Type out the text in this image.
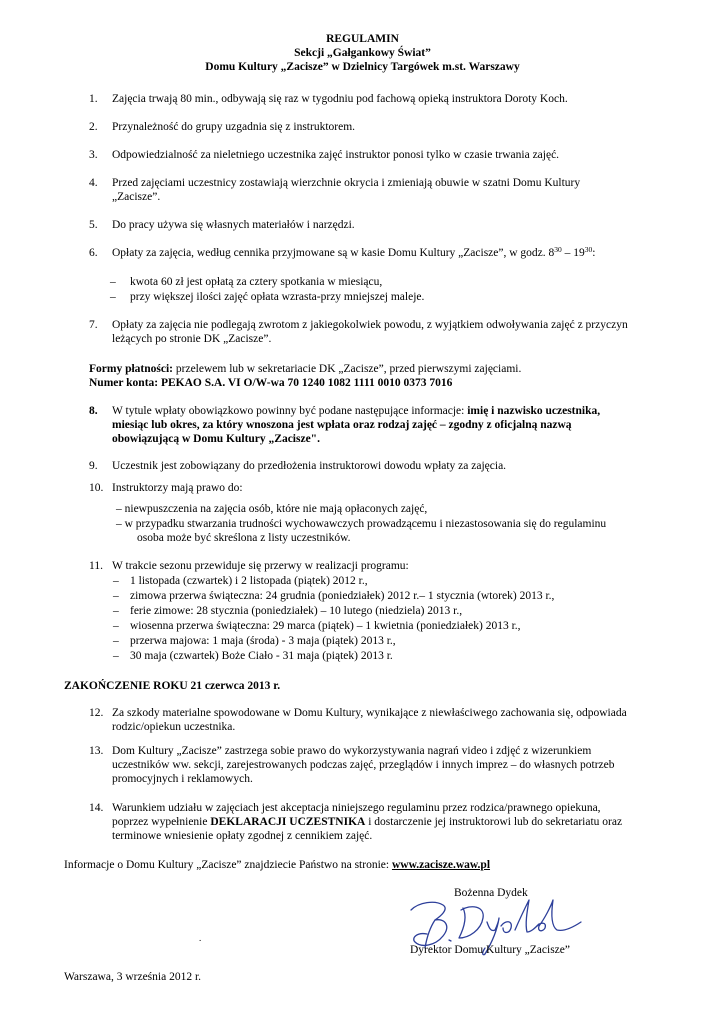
REGULAMIN
Sekcji „Gałgankowy Świat”
Domu Kultury „Zacisze” w Dzielnicy Targówek m.st. Warszawy
1. Zajęcia trwają 80 min., odbywają się raz w tygodniu pod fachową opieką instruktora Doroty Koch.
2. Przynależność do grupy uzgadnia się z instruktorem.
3. Odpowiedzialność za nieletniego uczestnika zajęć instruktor ponosi tylko w czasie trwania zajęć.
4. Przed zajęciami uczestnicy zostawiają wierzchnie okrycia i zmieniają obuwie w szatni Domu Kultury
„Zacisze”.
5. Do pracy używa się własnych materiałów i narzędzi.
6. Opłaty za zajęcia, według cennika przyjmowane są w kasie Domu Kultury „Zacisze”, w godz. $8^{30} - 19^{30}$:
– kwota 60 zł jest opłatą za cztery spotkania w miesiącu,
– przy większej ilości zajęć opłata wzrasta-przy mniejszej maleje.
7. Opłaty za zajęcia nie podlegają zwrotom z jakiegokolwiek powodu, z wyjątkiem odwoływania zajęć z przyczyn
leżących po stronie DK „Zacisze”.
Formy płatności: przelewem lub w sekretariacie DK „Zacisze”, przed pierwszymi zajęciami.
Numer konta: PEKAO S.A. VI O/W-wa 70 1240 1082 1111 0010 0373 7016
8. W tytule wpłaty obowiązkowo powinny być podane następujące informacje: imię i nazwisko uczestnika,
miesiąc lub okres, za który wnoszona jest wpłata oraz rodzaj zajęć – zgodny z oficjalną nazwą
obowiązującą w Domu Kultury „Zacisze".
9. Uczestnik jest zobowiązany do przedłożenia instruktorowi dowodu wpłaty za zajęcia.
10. Instruktorzy mają prawo do:
– niewpuszczenia na zajęcia osób, które nie mają opłaconych zajęć,
– w przypadku stwarzania trudności wychowawczych prowadzącemu i niezastosowania się do regulaminu
osoba może być skreślona z listy uczestników.
11. W trakcie sezonu przewiduje się przerwy w realizacji programu:
– 1 listopada (czwartek) i 2 listopada (piątek) 2012 r.,
– zimowa przerwa świąteczna: 24 grudnia (poniedziałek) 2012 r.– 1 stycznia (wtorek) 2013 r.,
– ferie zimowe: 28 stycznia (poniedziałek) – 10 lutego (niedziela) 2013 r.,
– wiosenna przerwa świąteczna: 29 marca (piątek) – 1 kwietnia (poniedziałek) 2013 r.,
– przerwa majowa: 1 maja (środa) - 3 maja (piątek) 2013 r.,
– 30 maja (czwartek) Boże Ciało - 31 maja (piątek) 2013 r.
ZAKOŃCZENIE ROKU 21 czerwca 2013 r.
12. Za szkody materialne spowodowane w Domu Kultury, wynikające z niewłaściwego zachowania się, odpowiada
rodzic/opiekun uczestnika.
13. Dom Kultury „Zacisze” zastrzega sobie prawo do wykorzystywania nagrań video i zdjęć z wizerunkiem
uczestników ww. sekcji, zarejestrowanych podczas zajęć, przeglądów i innych imprez – do własnych potrzeb
promocyjnych i reklamowych.
14. Warunkiem udziału w zajęciach jest akceptacja niniejszego regulaminu przez rodzica/prawnego opiekuna,
poprzez wypełnienie DEKLARACJI UCZESTNIKA i dostarczenie jej instruktorowi lub do sekretariatu oraz
terminowe wniesienie opłaty zgodnej z cennikiem zajęć.
Informacje o Domu Kultury „Zacisze” znajdziecie Państwo na stronie: www.zacisze.waw.pl
Bożenna Dydek
Dyrektor Domu Kultury „Zacisze”
.
Warszawa, 3 września 2012 r.
